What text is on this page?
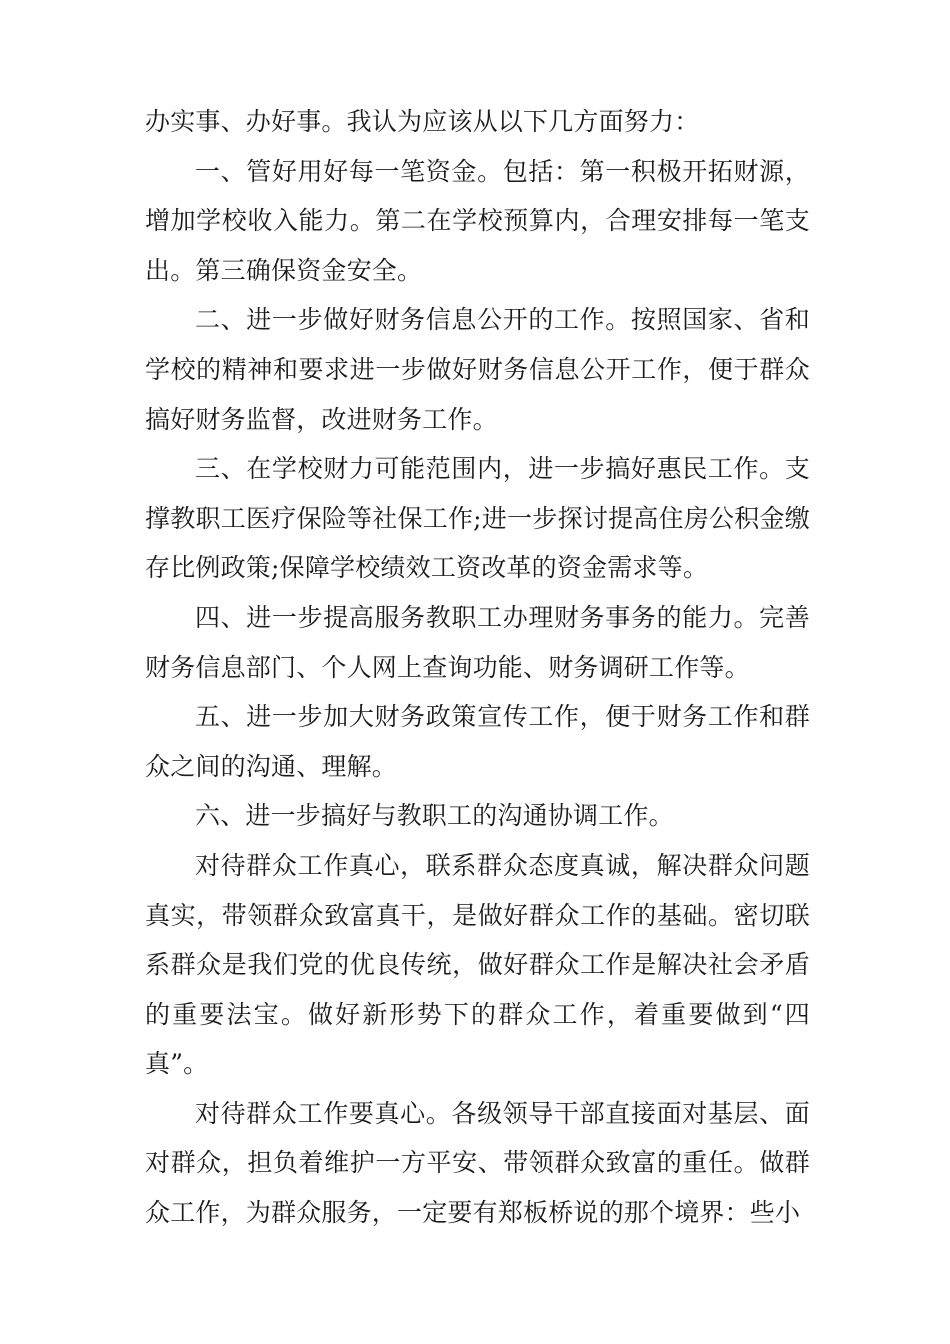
办实事、办好事。我认为应该从以下几方面努力：

一、管好用好每一笔资金。包括：第一积极开拓财源，增加学校收入能力。第二在学校预算内，合理安排每一笔支出。第三确保资金安全。

二、进一步做好财务信息公开的工作。按照国家、省和学校的精神和要求进一步做好财务信息公开工作，便于群众搞好财务监督，改进财务工作。

三、在学校财力可能范围内，进一步搞好惠民工作。支撑教职工医疗保险等社保工作;进一步探讨提高住房公积金缴存比例政策;保障学校绩效工资改革的资金需求等。

四、进一步提高服务教职工办理财务事务的能力。完善财务信息部门、个人网上查询功能、财务调研工作等。

五、进一步加大财务政策宣传工作，便于财务工作和群众之间的沟通、理解。

六、进一步搞好与教职工的沟通协调工作。

对待群众工作真心，联系群众态度真诚，解决群众问题真实，带领群众致富真干，是做好群众工作的基础。密切联系群众是我们党的优良传统，做好群众工作是解决社会矛盾的重要法宝。做好新形势下的群众工作，着重要做到“四真”。

对待群众工作要真心。各级领导干部直接面对基层、面对群众，担负着维护一方平安、带领群众致富的重任。做群众工作，为群众服务，一定要有郑板桥说的那个境界：些小
